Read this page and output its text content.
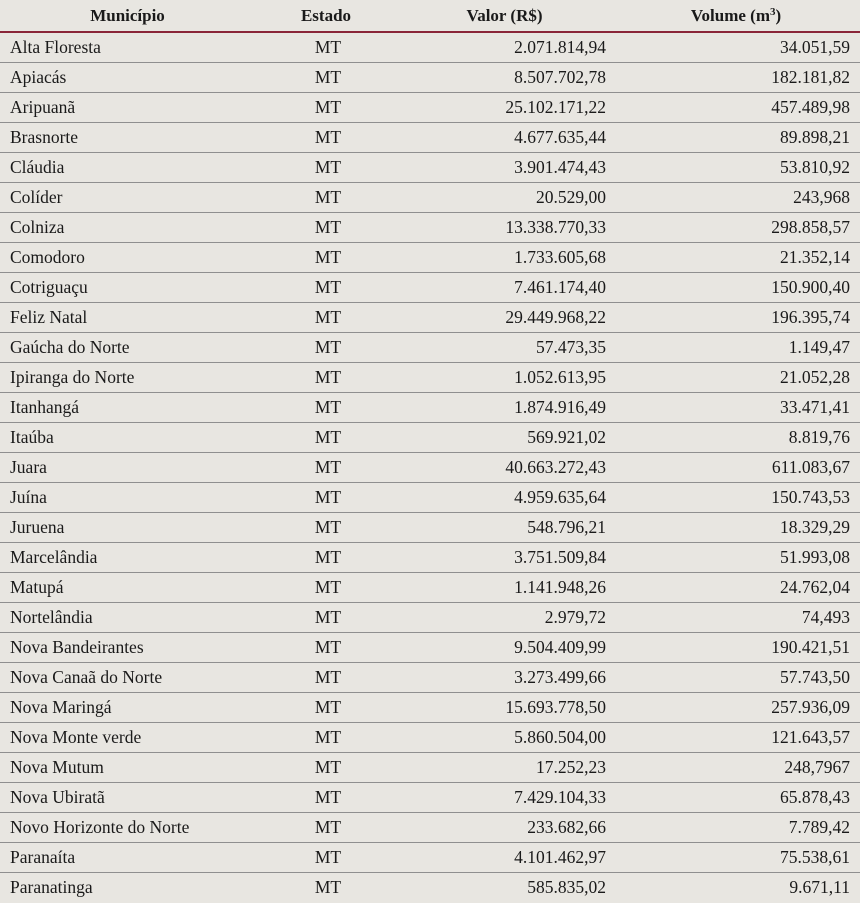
Município	Estado	Valor (R$)	Volume $(m^3)$
Alta Floresta	MT	2.071.814,94	34.051,59
Apiacás	MT	8.507.702,78	182.181,82
Aripuanã	MT	25.102.171,22	457.489,98
Brasnorte	MT	4.677.635,44	89.898,21
Cláudia	MT	3.901.474,43	53.810,92
Colíder	MT	20.529,00	243,968
Colniza	MT	13.338.770,33	298.858,57
Comodoro	MT	1.733.605,68	21.352,14
Cotriguaçu	MT	7.461.174,40	150.900,40
Feliz Natal	MT	29.449.968,22	196.395,74
Gaúcha do Norte	MT	57.473,35	1.149,47
Ipiranga do Norte	MT	1.052.613,95	21.052,28
Itanhangá	MT	1.874.916,49	33.471,41
Itaúba	MT	569.921,02	8.819,76
Juara	MT	40.663.272,43	611.083,67
Juína	MT	4.959.635,64	150.743,53
Juruena	MT	548.796,21	18.329,29
Marcelândia	MT	3.751.509,84	51.993,08
Matupá	MT	1.141.948,26	24.762,04
Nortelândia	MT	2.979,72	74,493
Nova Bandeirantes	MT	9.504.409,99	190.421,51
Nova Canaã do Norte	MT	3.273.499,66	57.743,50
Nova Maringá	MT	15.693.778,50	257.936,09
Nova Monte verde	MT	5.860.504,00	121.643,57
Nova Mutum	MT	17.252,23	248,7967
Nova Ubiratã	MT	7.429.104,33	65.878,43
Novo Horizonte do Norte	MT	233.682,66	7.789,42
Paranaíta	MT	4.101.462,97	75.538,61
Paranatinga	MT	585.835,02	9.671,11
